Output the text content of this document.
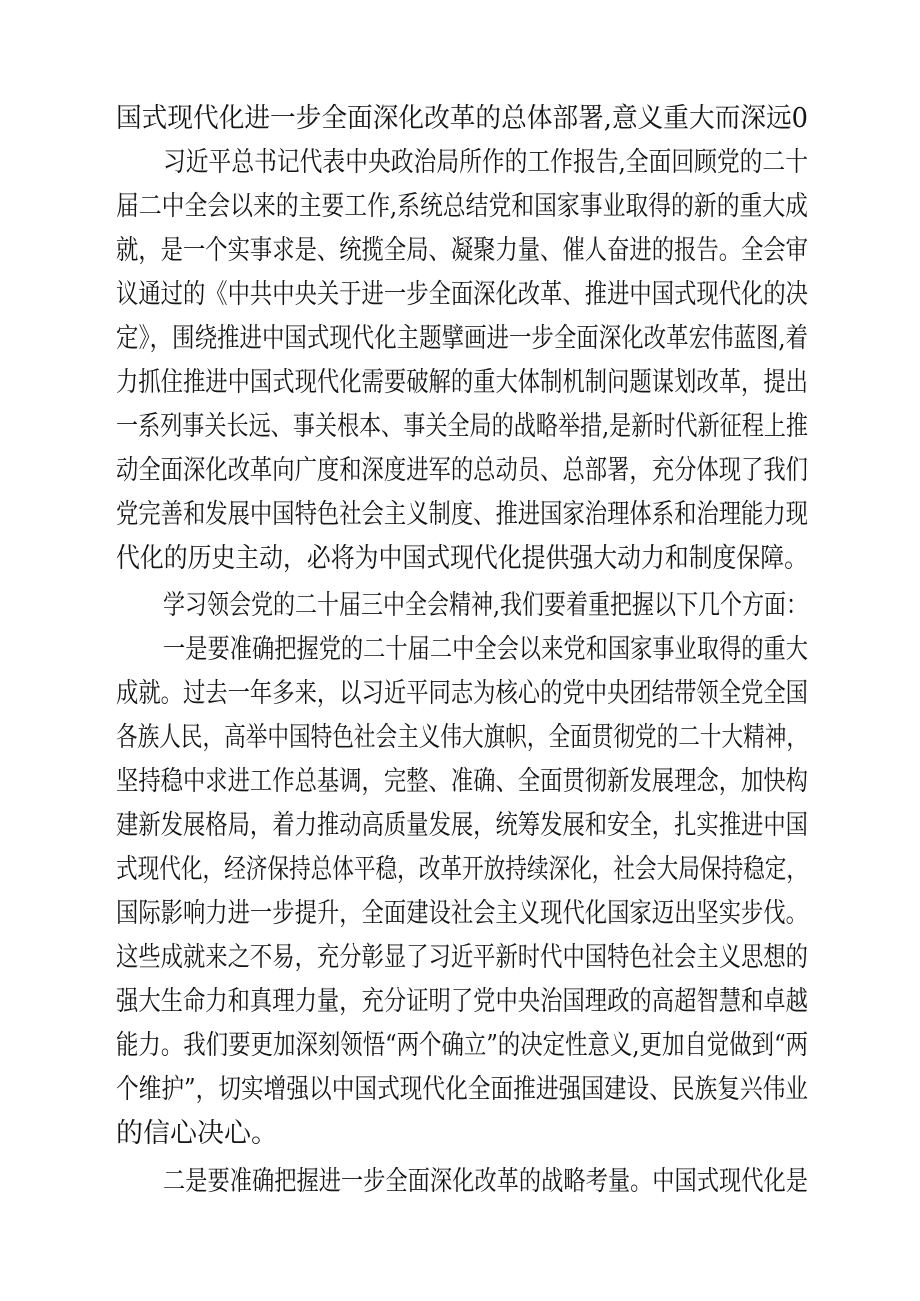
国式现代化进一步全面深化改革的总体部署,意义重大而深远0
习近平总书记代表中央政治局所作的工作报告,全面回顾党的二十
届二中全会以来的主要工作,系统总结党和国家事业取得的新的重大成
就，是一个实事求是、统揽全局、凝聚力量、催人奋进的报告。全会审
议通过的《中共中央关于进一步全面深化改革、推进中国式现代化的决
定》，围绕推进中国式现代化主题擘画进一步全面深化改革宏伟蓝图,着
力抓住推进中国式现代化需要破解的重大体制机制问题谋划改革，提出
一系列事关长远、事关根本、事关全局的战略举措,是新时代新征程上推
动全面深化改革向广度和深度进军的总动员、总部署，充分体现了我们
党完善和发展中国特色社会主义制度、推进国家治理体系和治理能力现
代化的历史主动，必将为中国式现代化提供强大动力和制度保障。
学习领会党的二十届三中全会精神,我们要着重把握以下几个方面：
一是要准确把握党的二十届二中全会以来党和国家事业取得的重大
成就。过去一年多来，以习近平同志为核心的党中央团结带领全党全国
各族人民，高举中国特色社会主义伟大旗帜，全面贯彻党的二十大精神，
坚持稳中求进工作总基调，完整、准确、全面贯彻新发展理念，加快构
建新发展格局，着力推动高质量发展，统筹发展和安全，扎实推进中国
式现代化，经济保持总体平稳，改革开放持续深化，社会大局保持稳定，
国际影响力进一步提升，全面建设社会主义现代化国家迈出坚实步伐。
这些成就来之不易，充分彰显了习近平新时代中国特色社会主义思想的
强大生命力和真理力量，充分证明了党中央治国理政的高超智慧和卓越
能力。我们要更加深刻领悟“两个确立”的决定性意义,更加自觉做到“两
个维护”，切实增强以中国式现代化全面推进强国建设、民族复兴伟业
的信心决心。
二是要准确把握进一步全面深化改革的战略考量。中国式现代化是
